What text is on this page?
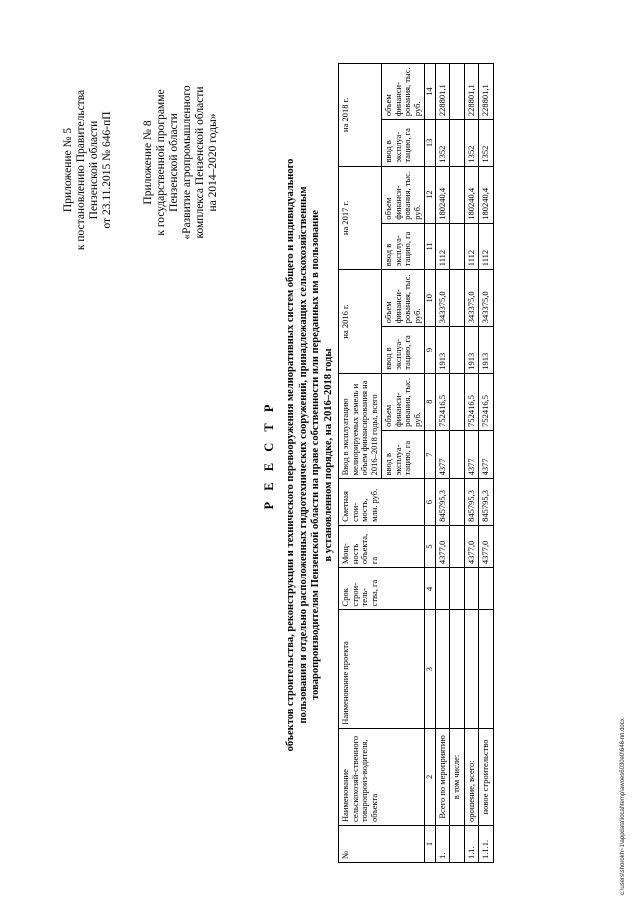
Приложение № 5 к постановлению Правительства Пензенской области от 23.11.2015 № 646-пП	Приложение № 8 к государственной программе Пензенской области «Развитие агропромышленного комплекса Пензенской области на 2014–2020 годы»
Р Е Е С Т Р объектов строительства, реконструкции и технического перевооружения мелиоративных систем общего и индивидуального пользования и отдельно расположенных гидротехнических сооружений, принадлежащих сельскохозяйственным товаропроизводителям Пензенской области на праве собственности или переданных им в пользование в установленном порядке, на 2016–2018 годы
№	Наименование сельскохозяй-ственного товаропроиз-водителя, объекта	Наименование проекта	Срок строи-тель-ства, га	Мощ-ность объекта, га	Сметная стои-мость, млн. руб.	Ввод в эксплуатацию мелиорируемых земель и объем финансирования на 2016–2018 годы, всего		на 2016 г.		на 2017 г.		на 2018 г.	
						ввод в эксплуа-тацию, га	объем финанси-рования, тыс. руб.	ввод в эксплуа-тацию, га	объем финанси-рования, тыс. руб.	ввод в эксплуа-тацию, га	объем финанси-рования, тыс. руб.	ввод в эксплуа-тацию, га	объем финанси-рования, тыс. руб.
1	2	3	4	5	6	7	8	9	10	11	12	13	14
1.	Всего по мероприятию			4377,0	845795,3	4377	752416,5	1913	343375,0	1112	180240,4	1352	228801,1
	в том числе:												
1.1.	орошение, всего:			4377,0	845795,3	4377	752416,5	1913	343375,0	1112	180240,4	1352	228801,1
1.1.1.	новое строительство			4377,0	845795,3	4377	752416,5	1913	343375,0	1112	180240,4	1352	228801,1
c:\users\shorokh~1\appdata\local\temp\awoes6030e0\646-пп.docx
